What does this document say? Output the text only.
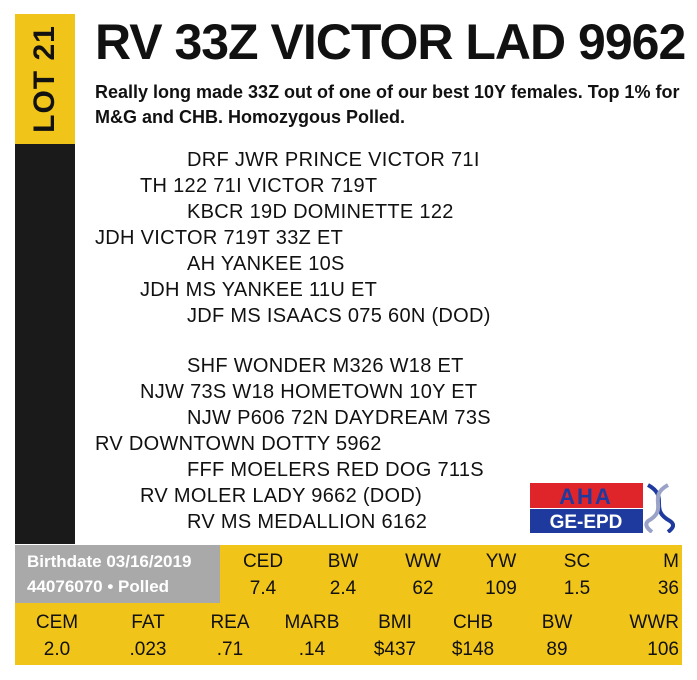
LOT 21 RV 33Z VICTOR LAD 9962

Really long made 33Z out of one of our best 10Y females. Top 1% for M&G and CHB. Homozygous Polled.

DRF JWR PRINCE VICTOR 71I
TH 122 71I VICTOR 719T
KBCR 19D DOMINETTE 122
JDH VICTOR 719T 33Z ET
AH YANKEE 10S
JDH MS YANKEE 11U ET
JDF MS ISAACS 075 60N (DOD)
SHF WONDER M326 W18 ET
NJW 73S W18 HOMETOWN 10Y ET
NJW P606 72N DAYDREAM 73S
RV DOWNTOWN DOTTY 5962
FFF MOELERS RED DOG 711S
RV MOLER LADY 9662 (DOD)
RV MS MEDALLION 6162
AHA
GE-EPD
Birthdate 03/16/2019
44076070 • Polled
CED
7.4
BW
2.4
WW
62
YW
109
SC
1.5
M
36
CEM
2.0
FAT
.023
REA
.71
MARB
.14
BMI
$437
CHB
$148
BW
89
WWR
106
